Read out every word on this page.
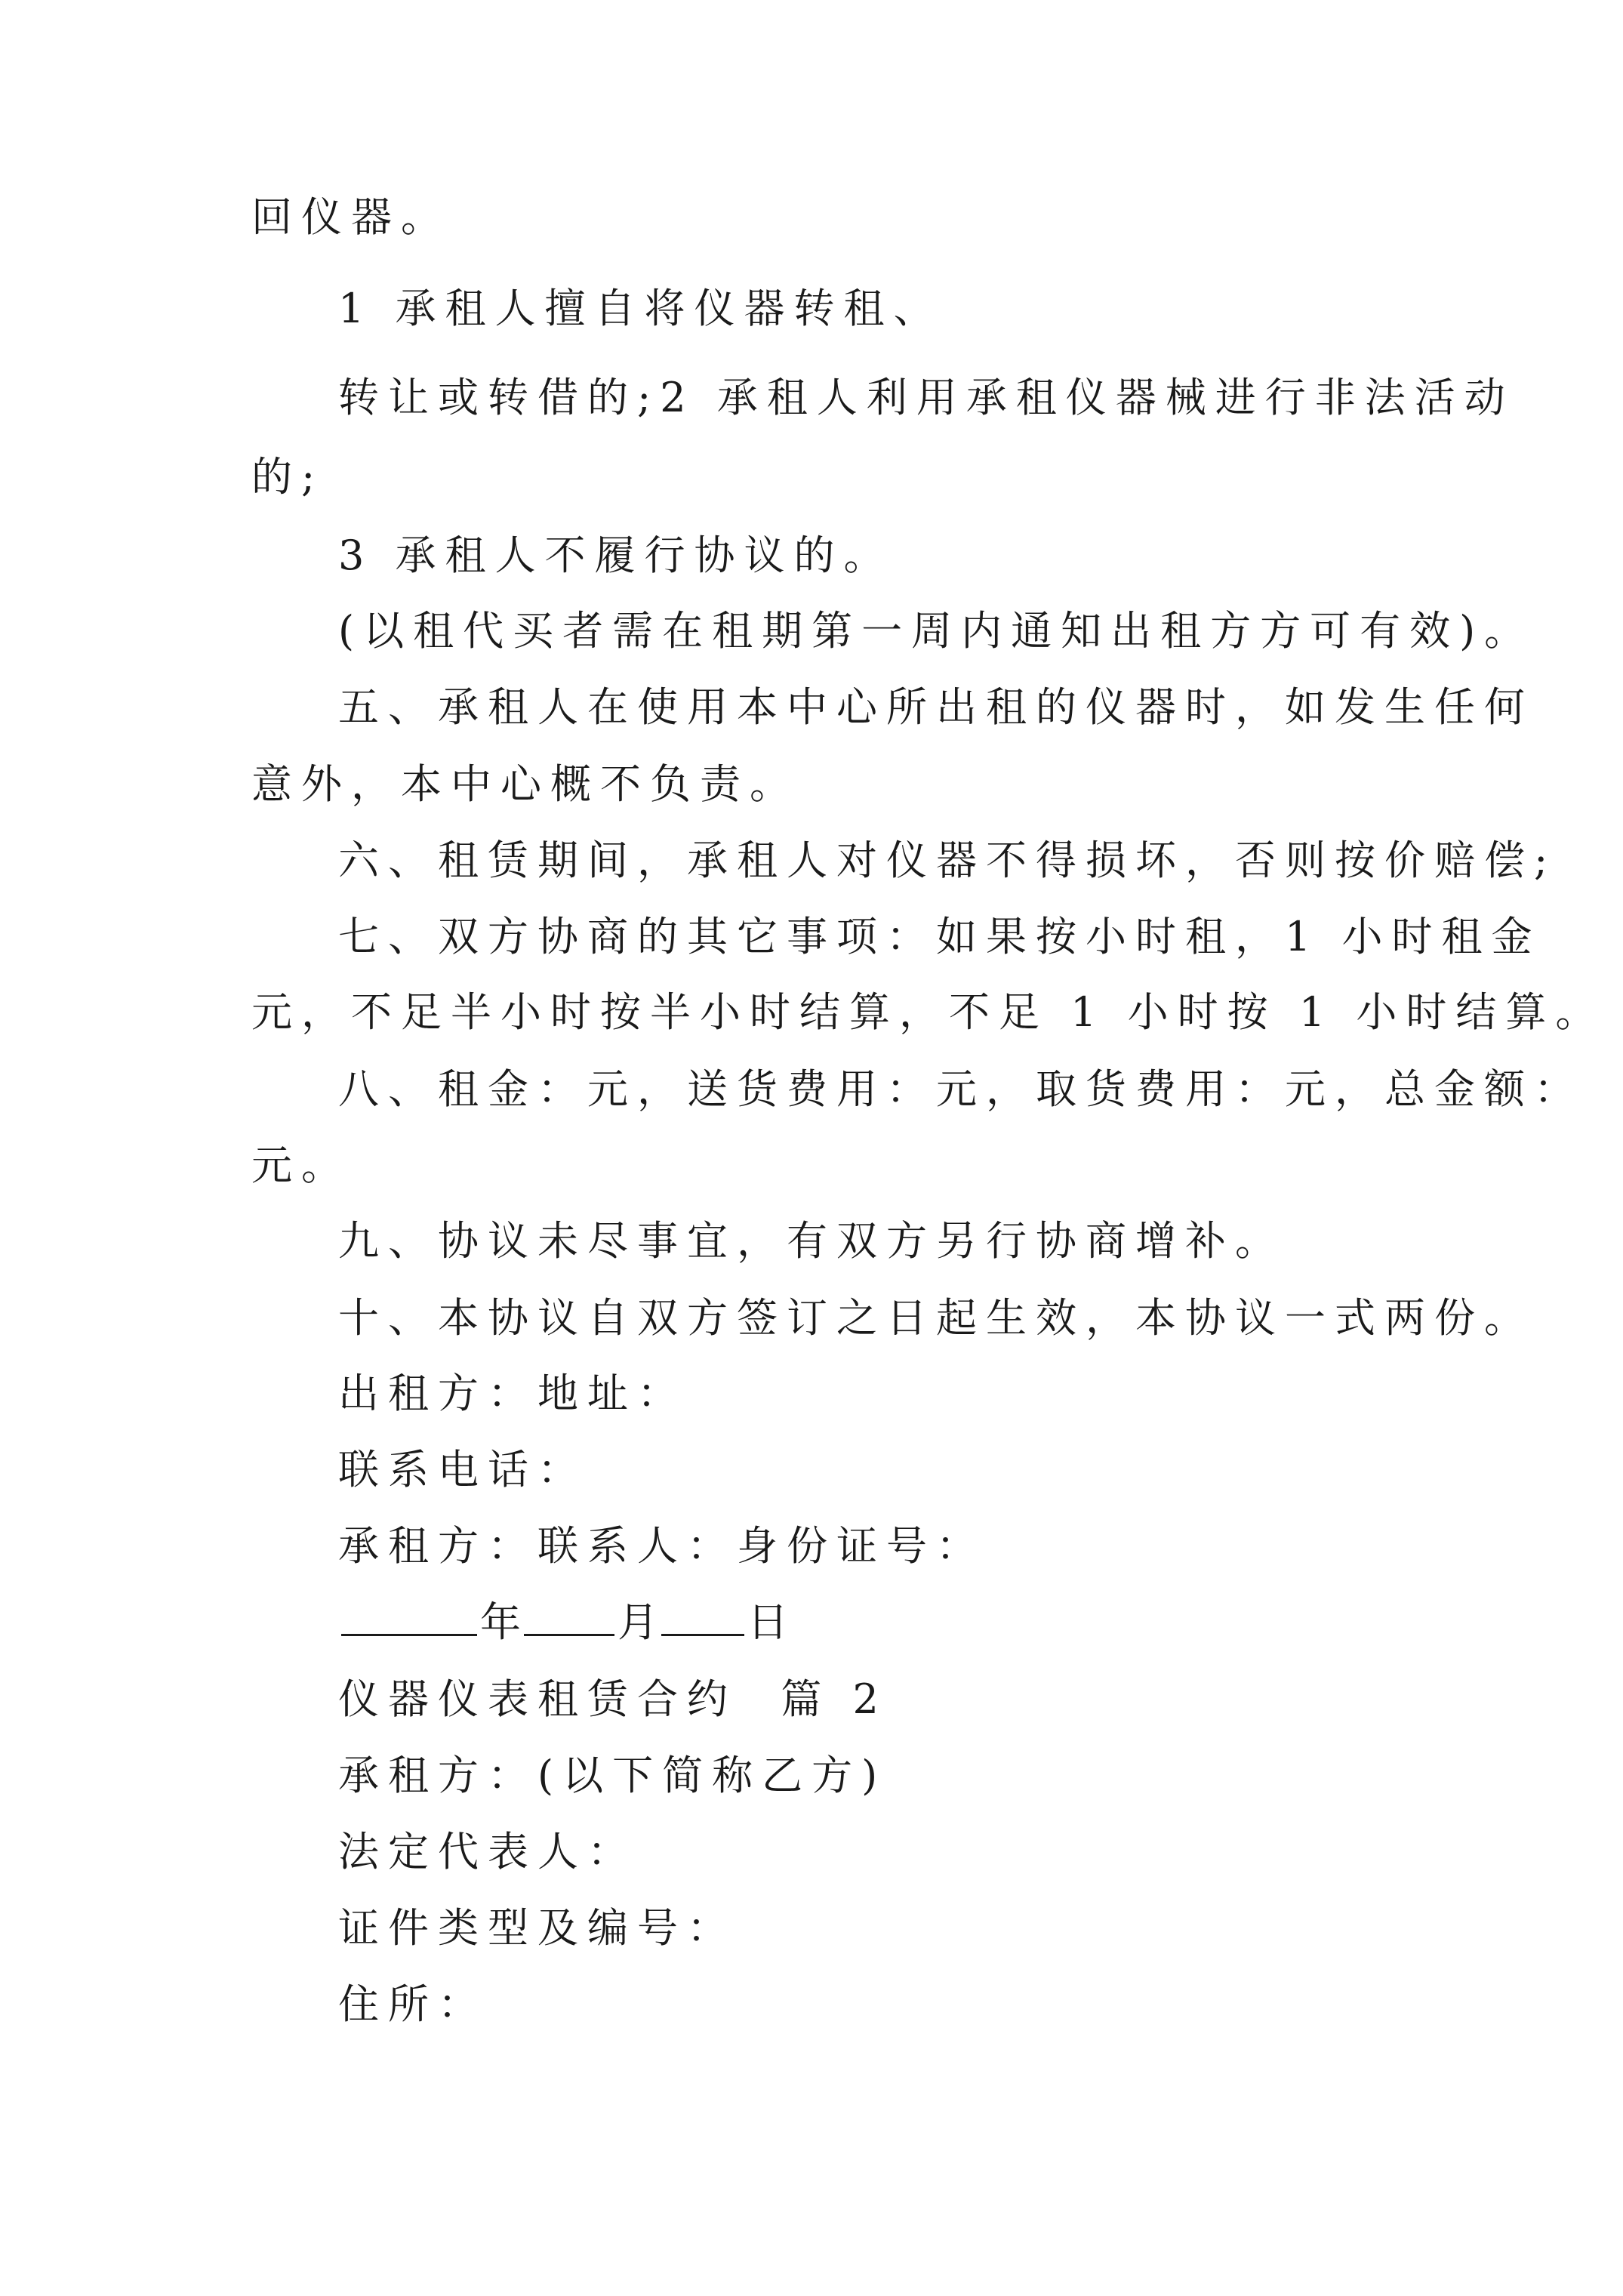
回仪器。
1 承租人擅自将仪器转租、
转让或转借的;2 承租人利用承租仪器械进行非法活动
的;
3 承租人不履行协议的。
(以租代买者需在租期第一周内通知出租方方可有效)。
五、承租人在使用本中心所出租的仪器时，如发生任何
意外，本中心概不负责。
六、租赁期间，承租人对仪器不得损坏，否则按价赔偿;
七、双方协商的其它事项：如果按小时租，1 小时租金
元，不足半小时按半小时结算，不足 1 小时按 1 小时结算。
八、租金：元，送货费用：元，取货费用：元，总金额：
元。
九、协议未尽事宜，有双方另行协商增补。
十、本协议自双方签订之日起生效，本协议一式两份。
出租方：地址：
联系电话：
承租方：联系人：身份证号：
年 月 日
仪器仪表租赁合约  篇 2
承租方：(以下简称乙方)
法定代表人：
证件类型及编号：
住所：
